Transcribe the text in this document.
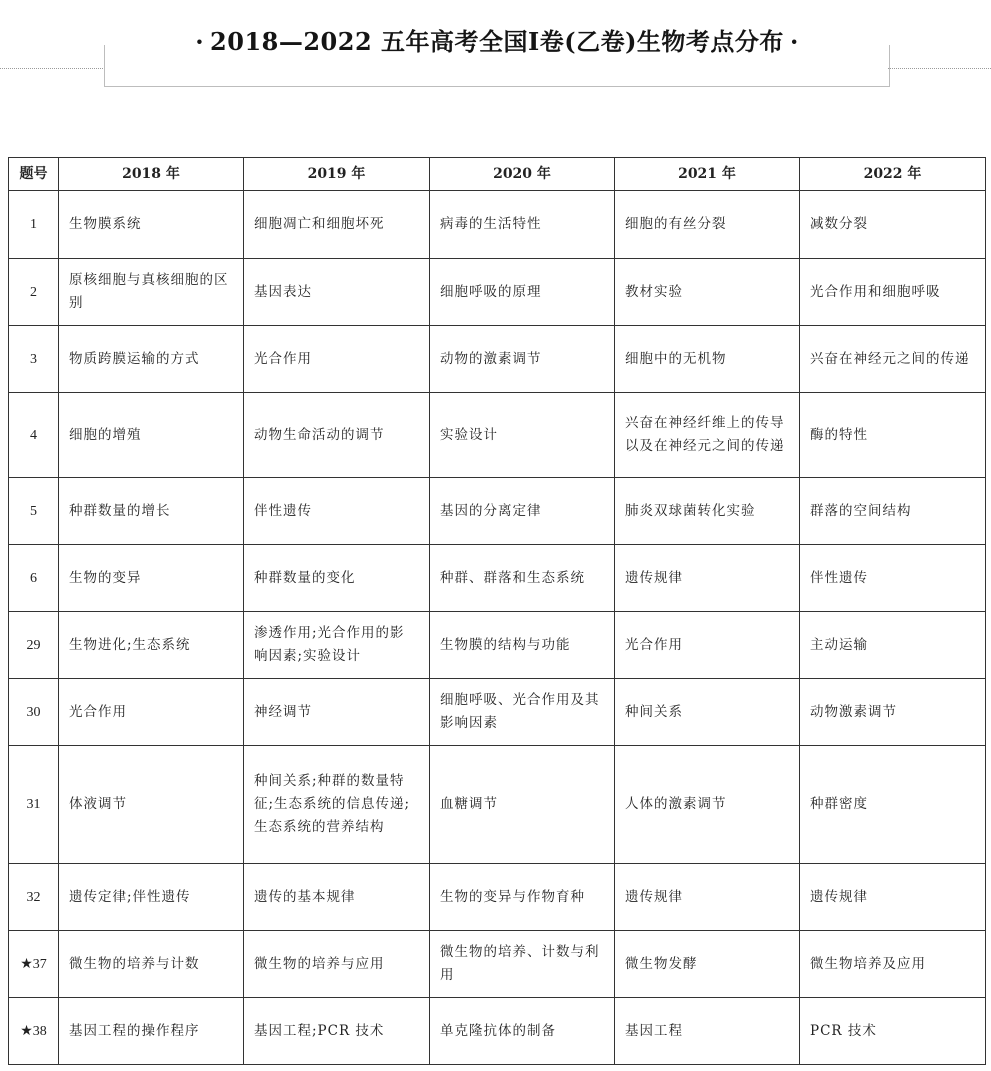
· 2018—2022 五年高考全国Ⅰ卷(乙卷)生物考点分布 ·
题号	2018 年	2019 年	2020 年	2021 年	2022 年
1	生物膜系统	细胞凋亡和细胞坏死	病毒的生活特性	细胞的有丝分裂	减数分裂
2	原核细胞与真核细胞的区别	基因表达	细胞呼吸的原理	教材实验	光合作用和细胞呼吸
3	物质跨膜运输的方式	光合作用	动物的激素调节	细胞中的无机物	兴奋在神经元之间的传递
4	细胞的增殖	动物生命活动的调节	实验设计	兴奋在神经纤维上的传导以及在神经元之间的传递	酶的特性
5	种群数量的增长	伴性遗传	基因的分离定律	肺炎双球菌转化实验	群落的空间结构
6	生物的变异	种群数量的变化	种群、群落和生态系统	遗传规律	伴性遗传
29	生物进化;生态系统	渗透作用;光合作用的影响因素;实验设计	生物膜的结构与功能	光合作用	主动运输
30	光合作用	神经调节	细胞呼吸、光合作用及其影响因素	种间关系	动物激素调节
31	体液调节	种间关系;种群的数量特征;生态系统的信息传递;生态系统的营养结构	血糖调节	人体的激素调节	种群密度
32	遗传定律;伴性遗传	遗传的基本规律	生物的变异与作物育种	遗传规律	遗传规律
★37	微生物的培养与计数	微生物的培养与应用	微生物的培养、计数与利用	微生物发酵	微生物培养及应用
★38	基因工程的操作程序	基因工程;PCR 技术	单克隆抗体的制备	基因工程	PCR 技术
